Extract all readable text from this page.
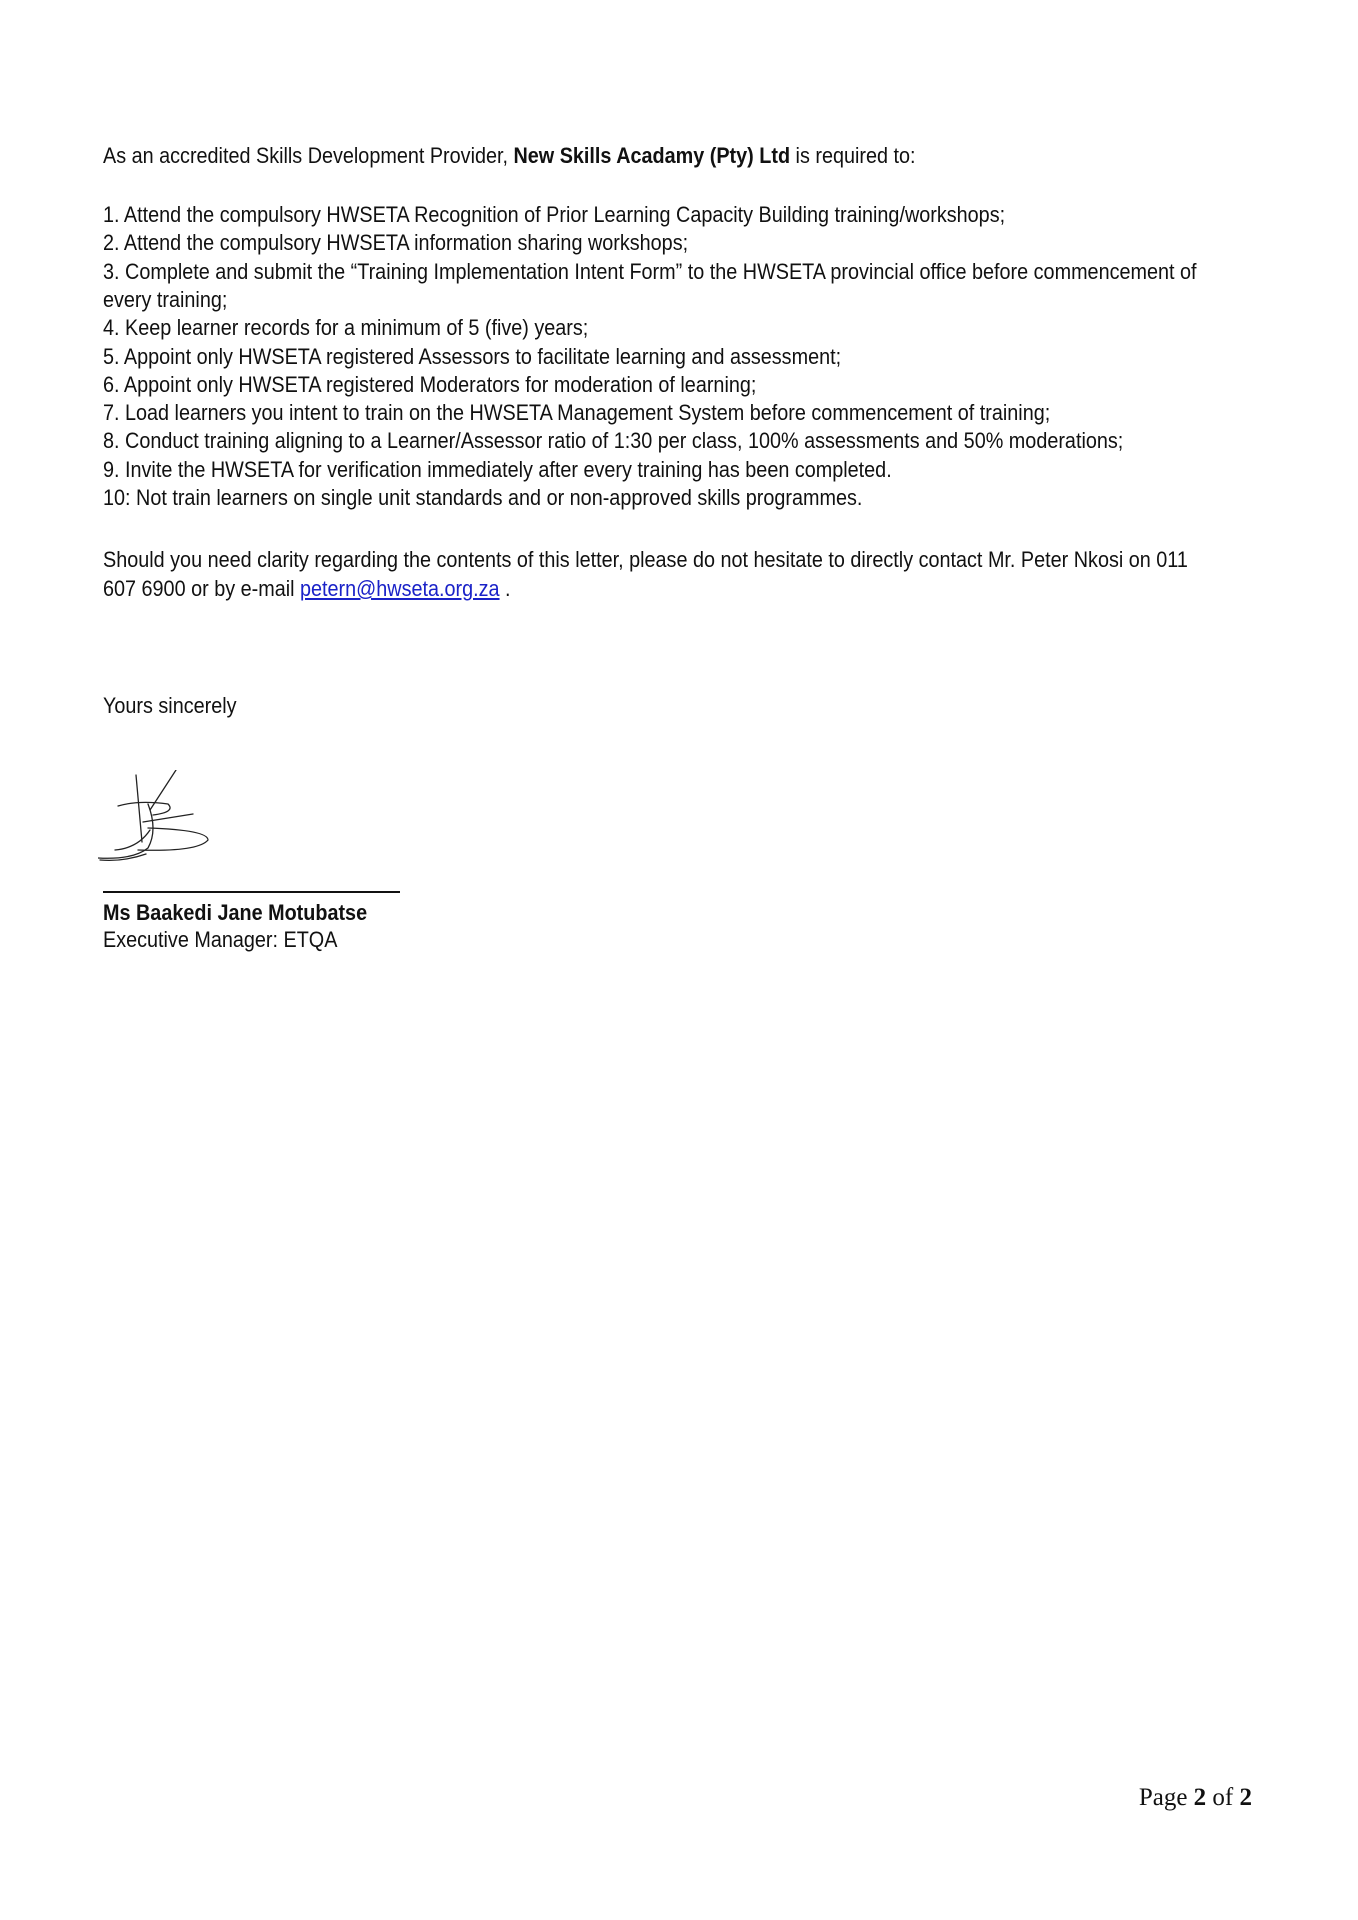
As an accredited Skills Development Provider, New Skills Acadamy (Pty) Ltd is required to:
1. Attend the compulsory HWSETA Recognition of Prior Learning Capacity Building training/workshops;
2. Attend the compulsory HWSETA information sharing workshops;
3. Complete and submit the “Training Implementation Intent Form” to the HWSETA provincial office before commencement of
every training;
4. Keep learner records for a minimum of 5 (five) years;
5. Appoint only HWSETA registered Assessors to facilitate learning and assessment;
6. Appoint only HWSETA registered Moderators for moderation of learning;
7. Load learners you intent to train on the HWSETA Management System before commencement of training;
8. Conduct training aligning to a Learner/Assessor ratio of 1:30 per class, 100% assessments and 50% moderations;
9. Invite the HWSETA for verification immediately after every training has been completed.
10: Not train learners on single unit standards and or non-approved skills programmes.
Should you need clarity regarding the contents of this letter, please do not hesitate to directly contact Mr. Peter Nkosi on 011
607 6900 or by e-mail petern@hwseta.org.za .
Yours sincerely
Ms Baakedi Jane Motubatse
Executive Manager: ETQA
Page 2 of 2
